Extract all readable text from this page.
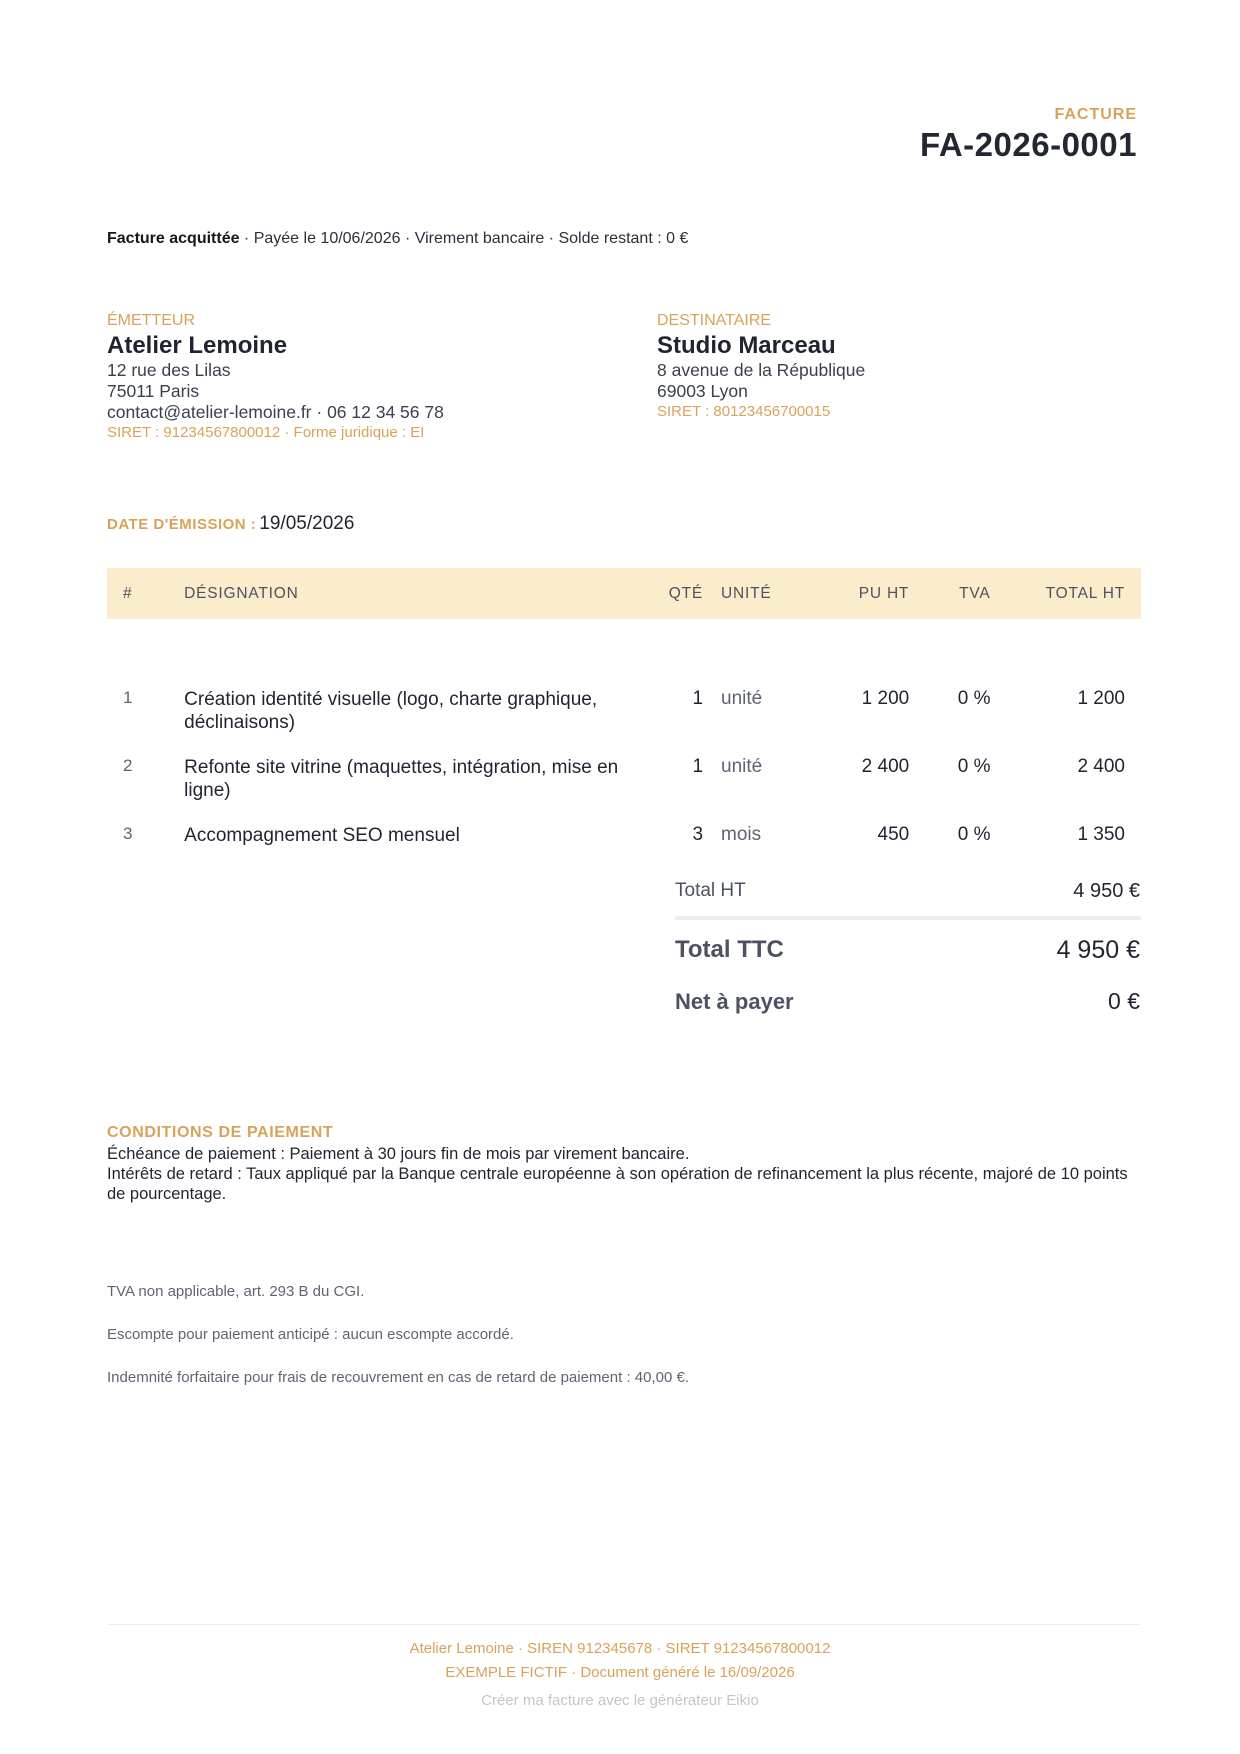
FACTURE
FA-2026-0001
Facture acquittée · Payée le 10/06/2026 · Virement bancaire · Solde restant : 0 €
ÉMETTEUR
Atelier Lemoine
12 rue des Lilas
75011 Paris
contact@atelier-lemoine.fr · 06 12 34 56 78
SIRET : 91234567800012 · Forme juridique : EI
DESTINATAIRE
Studio Marceau
8 avenue de la République
69003 Lyon
SIRET : 80123456700015
DATE D'ÉMISSION : 19/05/2026
#	DÉSIGNATION	QTÉ	UNITÉ	PU HT	TVA	TOTAL HT
1	Création identité visuelle (logo, charte graphique, déclinaisons)	1	unité	1 200	0 %	1 200
2	Refonte site vitrine (maquettes, intégration, mise en ligne)	1	unité	2 400	0 %	2 400
3	Accompagnement SEO mensuel	3	mois	450	0 %	1 350
Total HT	4 950 €
Total TTC	4 950 €
Net à payer	0 €
CONDITIONS DE PAIEMENT
Échéance de paiement : Paiement à 30 jours fin de mois par virement bancaire.
Intérêts de retard : Taux appliqué par la Banque centrale européenne à son opération de refinancement la plus récente, majoré de 10 points de pourcentage.
TVA non applicable, art. 293 B du CGI.
Escompte pour paiement anticipé : aucun escompte accordé.
Indemnité forfaitaire pour frais de recouvrement en cas de retard de paiement : 40,00 €.
Atelier Lemoine · SIREN 912345678 · SIRET 91234567800012
EXEMPLE FICTIF · Document généré le 16/09/2026
Créer ma facture avec le générateur Eikio
